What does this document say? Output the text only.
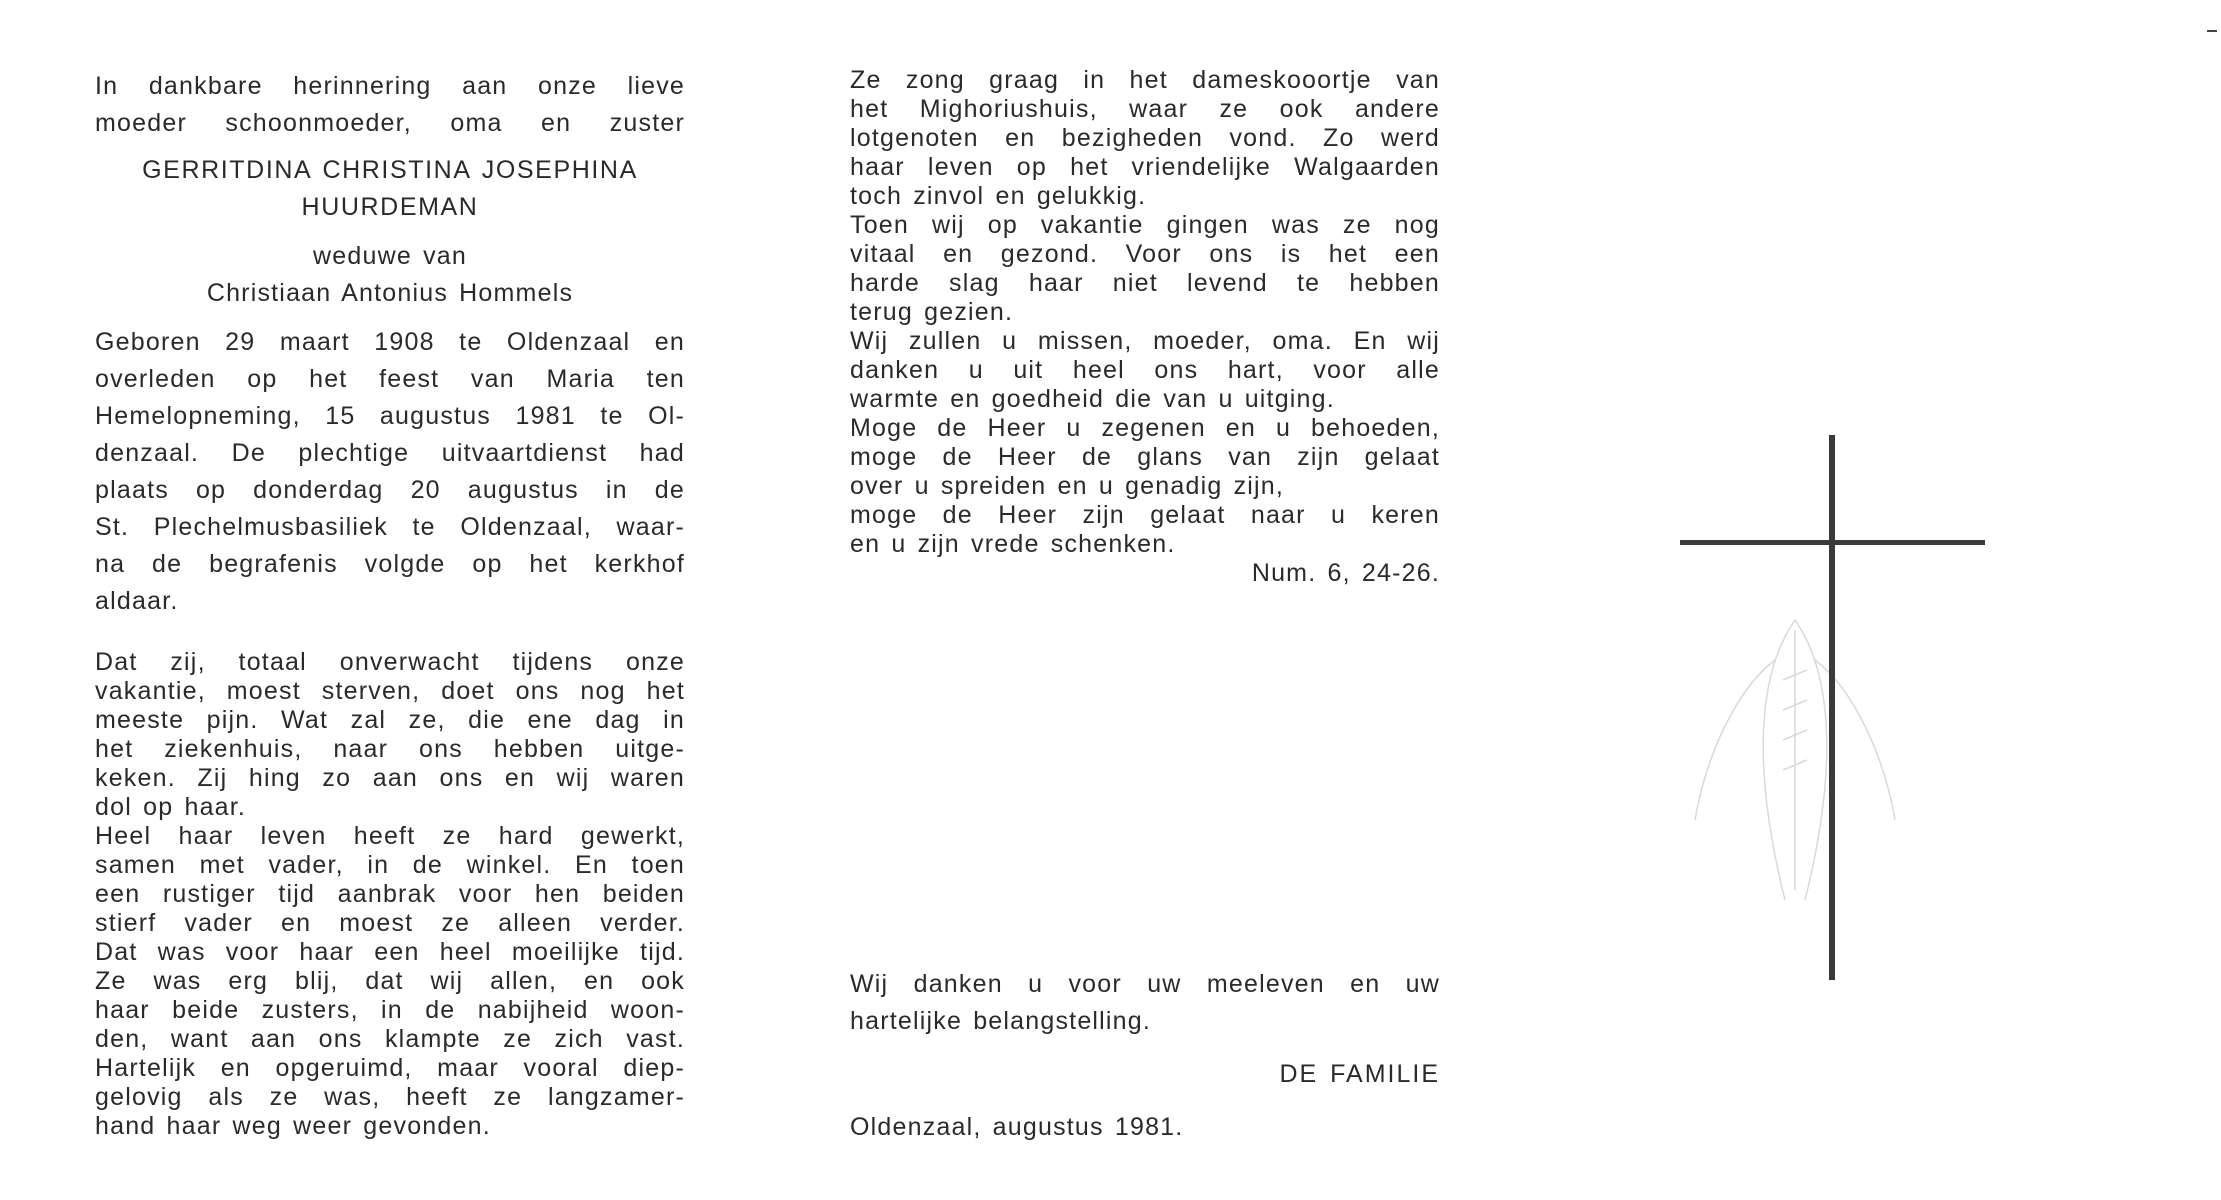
In dankbare herinnering aan onze lieve

moeder schoonmoeder, oma en zuster

GERRITDINA CHRISTINA JOSEPHINA

HUURDEMAN

weduwe van

Christiaan Antonius Hommels

Geboren 29 maart 1908 te Oldenzaal en

overleden op het feest van Maria ten

Hemelopneming, 15 augustus 1981 te Ol-

denzaal. De plechtige uitvaartdienst had

plaats op donderdag 20 augustus in de

St. Plechelmusbasiliek te Oldenzaal, waar-

na de begrafenis volgde op het kerkhof

aldaar.

Dat zij, totaal onverwacht tijdens onze

vakantie, moest sterven, doet ons nog het

meeste pijn. Wat zal ze, die ene dag in

het ziekenhuis, naar ons hebben uitge-

keken. Zij hing zo aan ons en wij waren

dol op haar.

Heel haar leven heeft ze hard gewerkt,

samen met vader, in de winkel. En toen

een rustiger tijd aanbrak voor hen beiden

stierf vader en moest ze alleen verder.

Dat was voor haar een heel moeilijke tijd.

Ze was erg blij, dat wij allen, en ook

haar beide zusters, in de nabijheid woon-

den, want aan ons klampte ze zich vast.

Hartelijk en opgeruimd, maar vooral diep-

gelovig als ze was, heeft ze langzamer-

hand haar weg weer gevonden.

Ze zong graag in het dameskooortje van

het Mighoriushuis, waar ze ook andere

lotgenoten en bezigheden vond. Zo werd

haar leven op het vriendelijke Walgaarden

toch zinvol en gelukkig.

Toen wij op vakantie gingen was ze nog

vitaal en gezond. Voor ons is het een

harde slag haar niet levend te hebben

terug gezien.

Wij zullen u missen, moeder, oma. En wij

danken u uit heel ons hart, voor alle

warmte en goedheid die van u uitging.

Moge de Heer u zegenen en u behoeden,

moge de Heer de glans van zijn gelaat

over u spreiden en u genadig zijn,

moge de Heer zijn gelaat naar u keren

en u zijn vrede schenken.

Num. 6, 24-26.

Wij danken u voor uw meeleven en uw

hartelijke belangstelling.

DE FAMILIE

Oldenzaal, augustus 1981.
